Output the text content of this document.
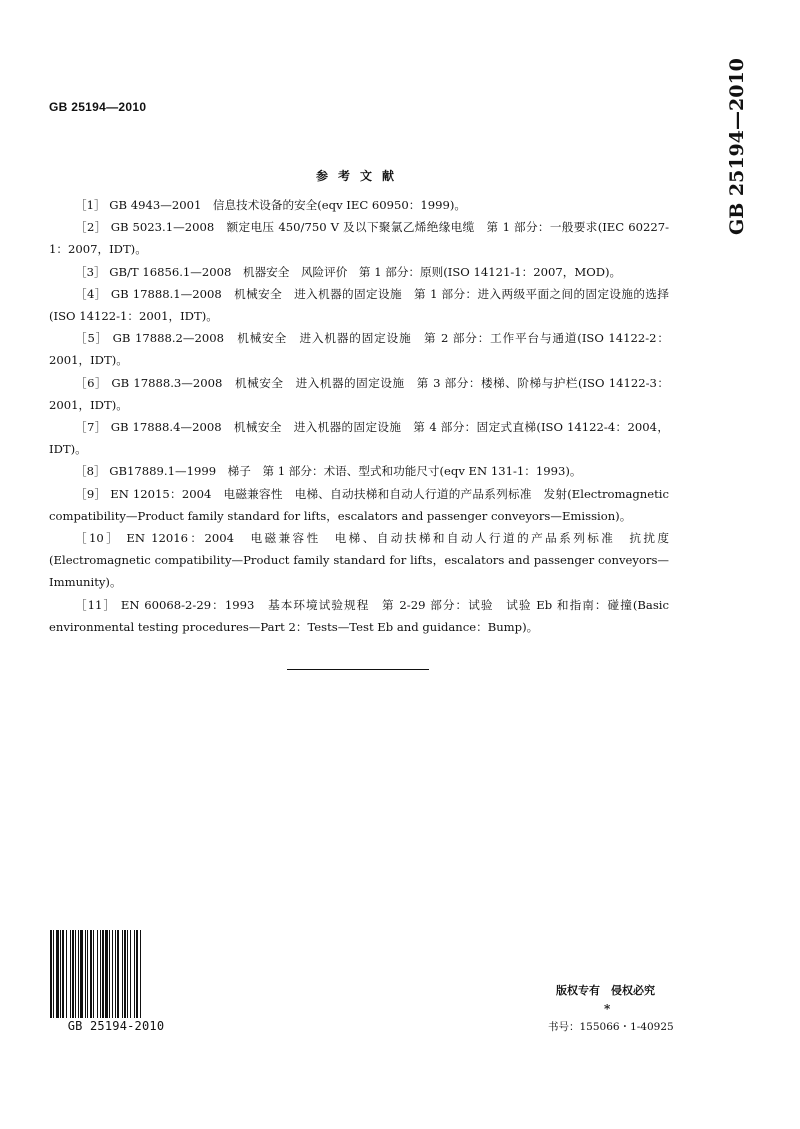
GB 25194—2010	GB 25194—2010
参考文献

［1］ GB 4943—2001　信息技术设备的安全(eqv IEC 60950：1999)。

［2］ GB 5023.1—2008　额定电压 450/750 V 及以下聚氯乙烯绝缘电缆　第 1 部分：一般要求(IEC 60227-1：2007，IDT)。

［3］ GB/T 16856.1—2008　机器安全　风险评价　第 1 部分：原则(ISO 14121-1：2007，MOD)。

［4］ GB 17888.1—2008　机械安全　进入机器的固定设施　第 1 部分：进入两级平面之间的固定设施的选择(ISO 14122-1：2001，IDT)。

［5］ GB 17888.2—2008　机械安全　进入机器的固定设施　第 2 部分：工作平台与通道(ISO 14122-2：2001，IDT)。

［6］ GB 17888.3—2008　机械安全　进入机器的固定设施　第 3 部分：楼梯、阶梯与护栏(ISO 14122-3：2001，IDT)。

［7］ GB 17888.4—2008　机械安全　进入机器的固定设施　第 4 部分：固定式直梯(ISO 14122-4：2004，IDT)。

［8］ GB17889.1—1999　梯子　第 1 部分：术语、型式和功能尺寸(eqv EN 131-1：1993)。

［9］ EN 12015：2004　电磁兼容性　电梯、自动扶梯和自动人行道的产品系列标准　发射(Electromagnetic compatibility—Product family standard for lifts，escalators and passenger conveyors—Emission)。

［10］ EN 12016：2004　电磁兼容性　电梯、自动扶梯和自动人行道的产品系列标准　抗扰度(Electromagnetic compatibility—Product family standard for lifts，escalators and passenger conveyors—Immunity)。

［11］ EN 60068-2-29：1993　基本环境试验规程　第 2-29 部分：试验　试验 Eb 和指南：碰撞(Basic environmental testing procedures—Part 2：Tests—Test Eb and guidance：Bump)。

GB 25194-2010
版权专有　侵权必究
*
书号：155066・1-40925
